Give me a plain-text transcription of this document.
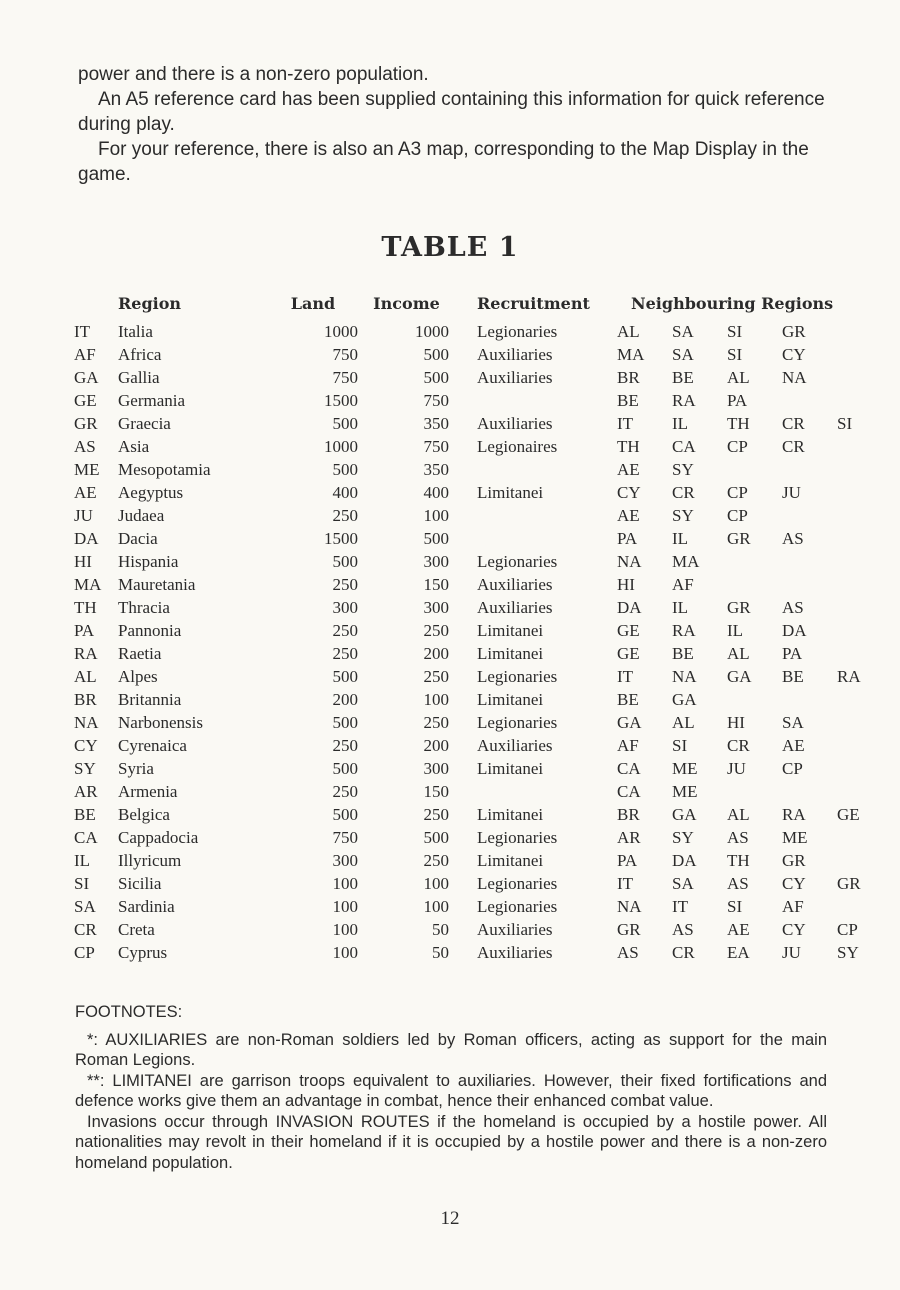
power and there is a non-zero population.

An A5 reference card has been supplied containing this information for quick reference during play.

For your reference, there is also an A3 map, corresponding to the Map Display in the game.

TABLE 1
	Region	Land	Income	Recruitment	Neighbouring Regions				
IT	Italia	1000	1000	Legionaries	AL	SA	SI	GR	
AF	Africa	750	500	Auxiliaries	MA	SA	SI	CY	
GA	Gallia	750	500	Auxiliaries	BR	BE	AL	NA	
GE	Germania	1500	750		BE	RA	PA		
GR	Graecia	500	350	Auxiliaries	IT	IL	TH	CR	SI
AS	Asia	1000	750	Legionaires	TH	CA	CP	CR	
ME	Mesopotamia	500	350		AE	SY			
AE	Aegyptus	400	400	Limitanei	CY	CR	CP	JU	
JU	Judaea	250	100		AE	SY	CP		
DA	Dacia	1500	500		PA	IL	GR	AS	
HI	Hispania	500	300	Legionaries	NA	MA			
MA	Mauretania	250	150	Auxiliaries	HI	AF			
TH	Thracia	300	300	Auxiliaries	DA	IL	GR	AS	
PA	Pannonia	250	250	Limitanei	GE	RA	IL	DA	
RA	Raetia	250	200	Limitanei	GE	BE	AL	PA	
AL	Alpes	500	250	Legionaries	IT	NA	GA	BE	RA
BR	Britannia	200	100	Limitanei	BE	GA			
NA	Narbonensis	500	250	Legionaries	GA	AL	HI	SA	
CY	Cyrenaica	250	200	Auxiliaries	AF	SI	CR	AE	
SY	Syria	500	300	Limitanei	CA	ME	JU	CP	
AR	Armenia	250	150		CA	ME			
BE	Belgica	500	250	Limitanei	BR	GA	AL	RA	GE
CA	Cappadocia	750	500	Legionaries	AR	SY	AS	ME	
IL	Illyricum	300	250	Limitanei	PA	DA	TH	GR	
SI	Sicilia	100	100	Legionaries	IT	SA	AS	CY	GR
SA	Sardinia	100	100	Legionaries	NA	IT	SI	AF	
CR	Creta	100	50	Auxiliaries	GR	AS	AE	CY	CP
CP	Cyprus	100	50	Auxiliaries	AS	CR	EA	JU	SY

FOOTNOTES:

*: AUXILIARIES are non-Roman soldiers led by Roman officers, acting as support for the main Roman Legions.

**: LIMITANEI are garrison troops equivalent to auxiliaries. However, their fixed fortifications and defence works give them an advantage in combat, hence their enhanced combat value.

Invasions occur through INVASION ROUTES if the homeland is occupied by a hostile power. All nationalities may revolt in their homeland if it is occupied by a hostile power and there is a non-zero homeland population.

12
